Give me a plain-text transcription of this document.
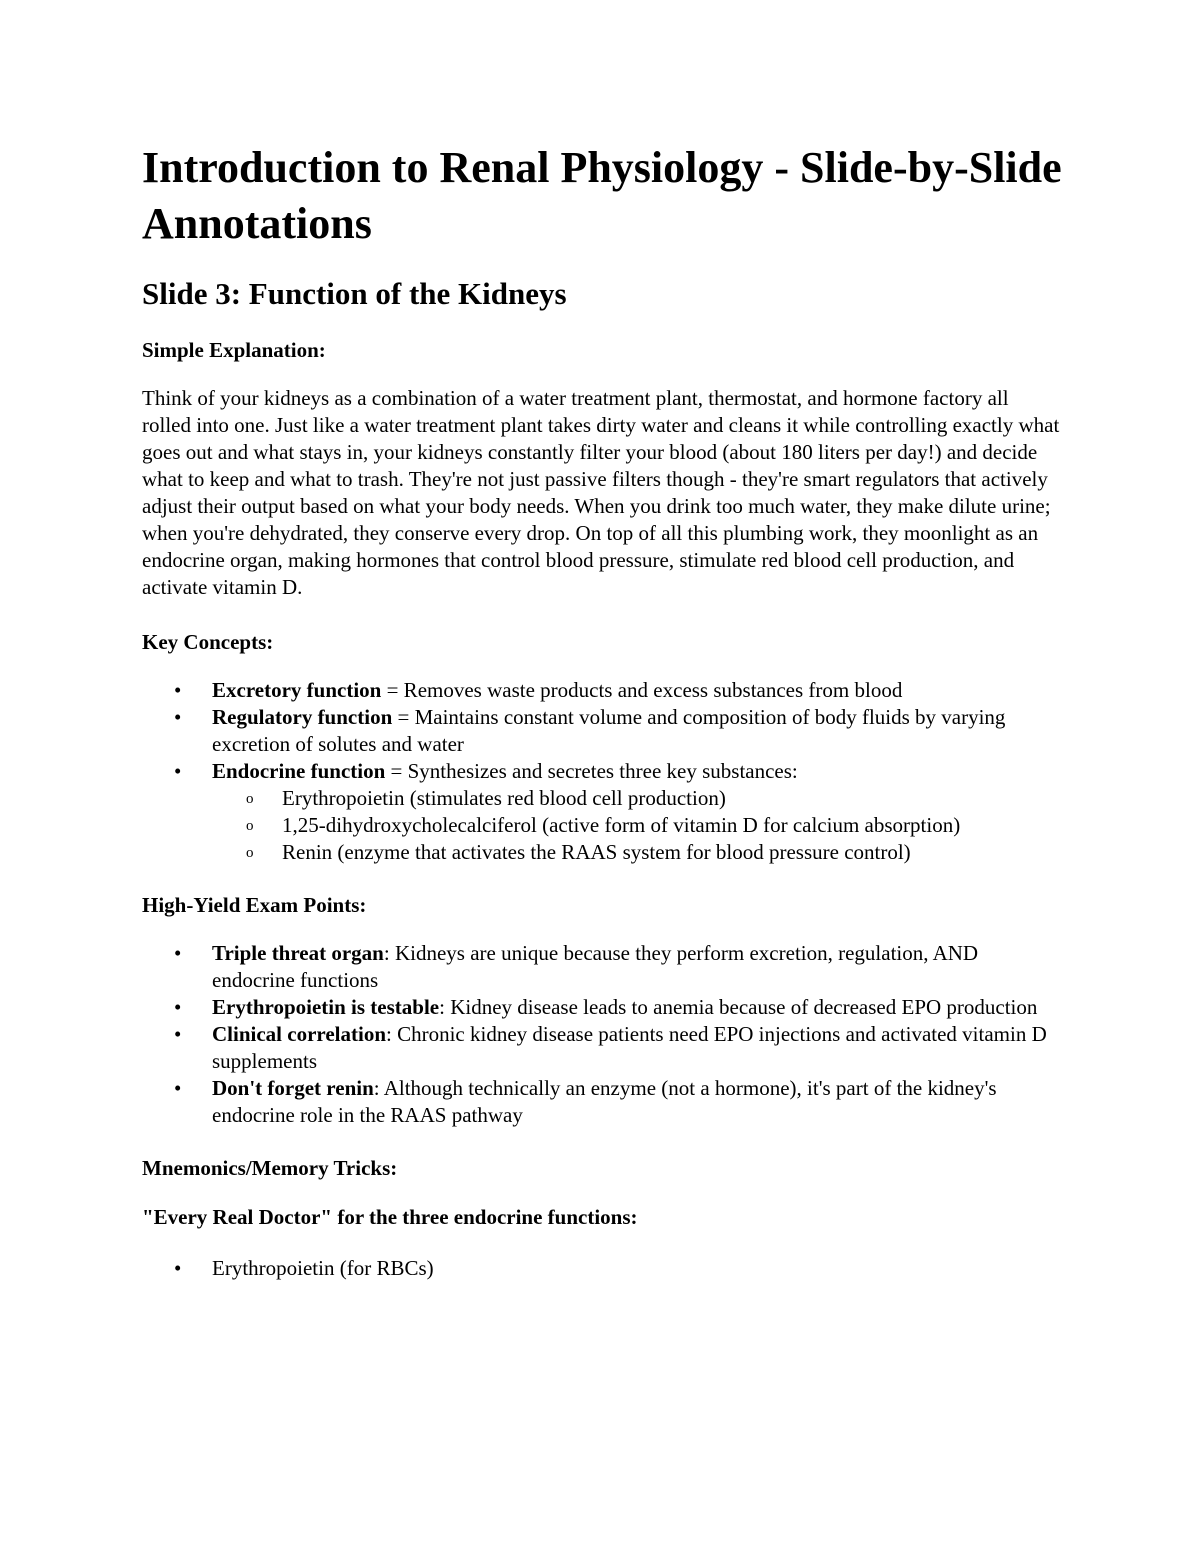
Introduction to Renal Physiology - Slide-by-Slide Annotations
Slide 3: Function of the Kidneys
Simple Explanation:

Think of your kidneys as a combination of a water treatment plant, thermostat, and hormone factory all rolled into one. Just like a water treatment plant takes dirty water and cleans it while controlling exactly what goes out and what stays in, your kidneys constantly filter your blood (about 180 liters per day!) and decide what to keep and what to trash. They're not just passive filters though - they're smart regulators that actively adjust their output based on what your body needs. When you drink too much water, they make dilute urine; when you're dehydrated, they conserve every drop. On top of all this plumbing work, they moonlight as an endocrine organ, making hormones that control blood pressure, stimulate red blood cell production, and activate vitamin D.

Key Concepts:
• Excretory function = Removes waste products and excess substances from blood
• Regulatory function = Maintains constant volume and composition of body fluids by varying excretion of solutes and water
• Endocrine function = Synthesizes and secretes three key substances:
o Erythropoietin (stimulates red blood cell production)
o 1,25-dihydroxycholecalciferol (active form of vitamin D for calcium absorption)
o Renin (enzyme that activates the RAAS system for blood pressure control)
High-Yield Exam Points:
• Triple threat organ: Kidneys are unique because they perform excretion, regulation, AND endocrine functions
• Erythropoietin is testable: Kidney disease leads to anemia because of decreased EPO production
• Clinical correlation: Chronic kidney disease patients need EPO injections and activated vitamin D supplements
• Don't forget renin: Although technically an enzyme (not a hormone), it's part of the kidney's endocrine role in the RAAS pathway
Mnemonics/Memory Tricks:
"Every Real Doctor" for the three endocrine functions:
• Erythropoietin (for RBCs)
